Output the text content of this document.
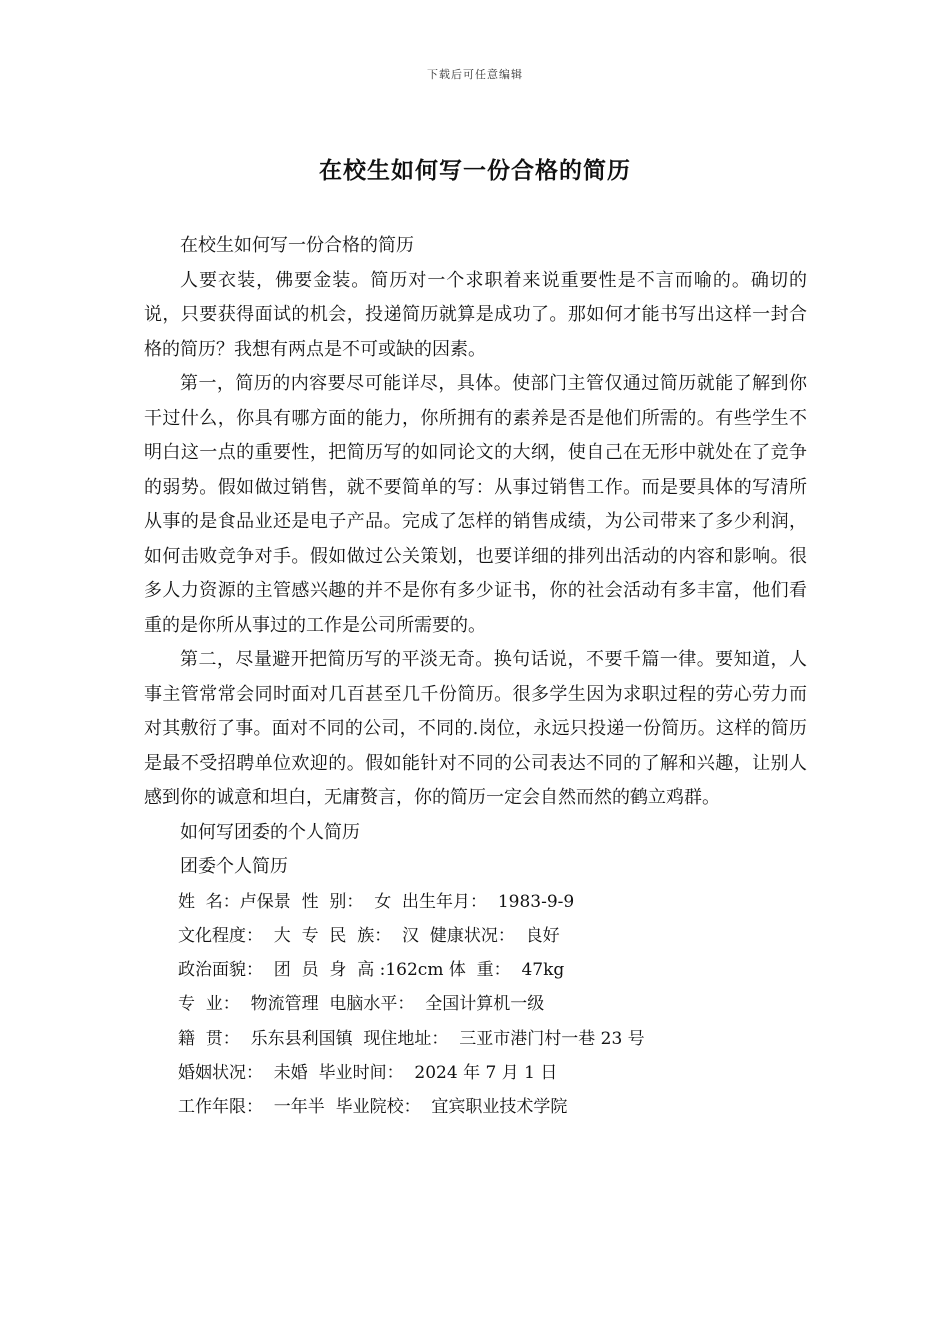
下载后可任意编辑
在校生如何写一份合格的简历

在校生如何写一份合格的简历

人要衣装，佛要金装。简历对一个求职着来说重要性是不言而喻的。确切的说，只要获得面试的机会，投递简历就算是成功了。那如何才能书写出这样一封合格的简历？我想有两点是不可或缺的因素。

第一，简历的内容要尽可能详尽，具体。使部门主管仅通过简历就能了解到你干过什么，你具有哪方面的能力，你所拥有的素养是否是他们所需的。有些学生不明白这一点的重要性，把简历写的如同论文的大纲，使自己在无形中就处在了竞争的弱势。假如做过销售，就不要简单的写：从事过销售工作。而是要具体的写清所从事的是食品业还是电子产品。完成了怎样的销售成绩，为公司带来了多少利润，如何击败竞争对手。假如做过公关策划，也要详细的排列出活动的内容和影响。很多人力资源的主管感兴趣的并不是你有多少证书，你的社会活动有多丰富，他们看重的是你所从事过的工作是公司所需要的。

第二，尽量避开把简历写的平淡无奇。换句话说，不要千篇一律。要知道，人事主管常常会同时面对几百甚至几千份简历。很多学生因为求职过程的劳心劳力而对其敷衍了事。面对不同的公司，不同的.岗位，永远只投递一份简历。这样的简历是最不受招聘单位欢迎的。假如能针对不同的公司表达不同的了解和兴趣，让别人感到你的诚意和坦白，无庸赘言，你的简历一定会自然而然的鹤立鸡群。

如何写团委的个人简历

团委个人简历

姓  名：卢保景  性  别：  女  出生年月：  1983-9-9

文化程度：  大  专  民  族：  汉  健康状况：  良好

政治面貌：  团  员  身  高 :162cm 体  重：  47kg

专  业：  物流管理  电脑水平：  全国计算机一级

籍  贯：  乐东县利国镇  现住地址：  三亚市港门村一巷 23 号

婚姻状况：  未婚  毕业时间：  2024 年 7 月 1 日

工作年限：  一年半  毕业院校：  宜宾职业技术学院
